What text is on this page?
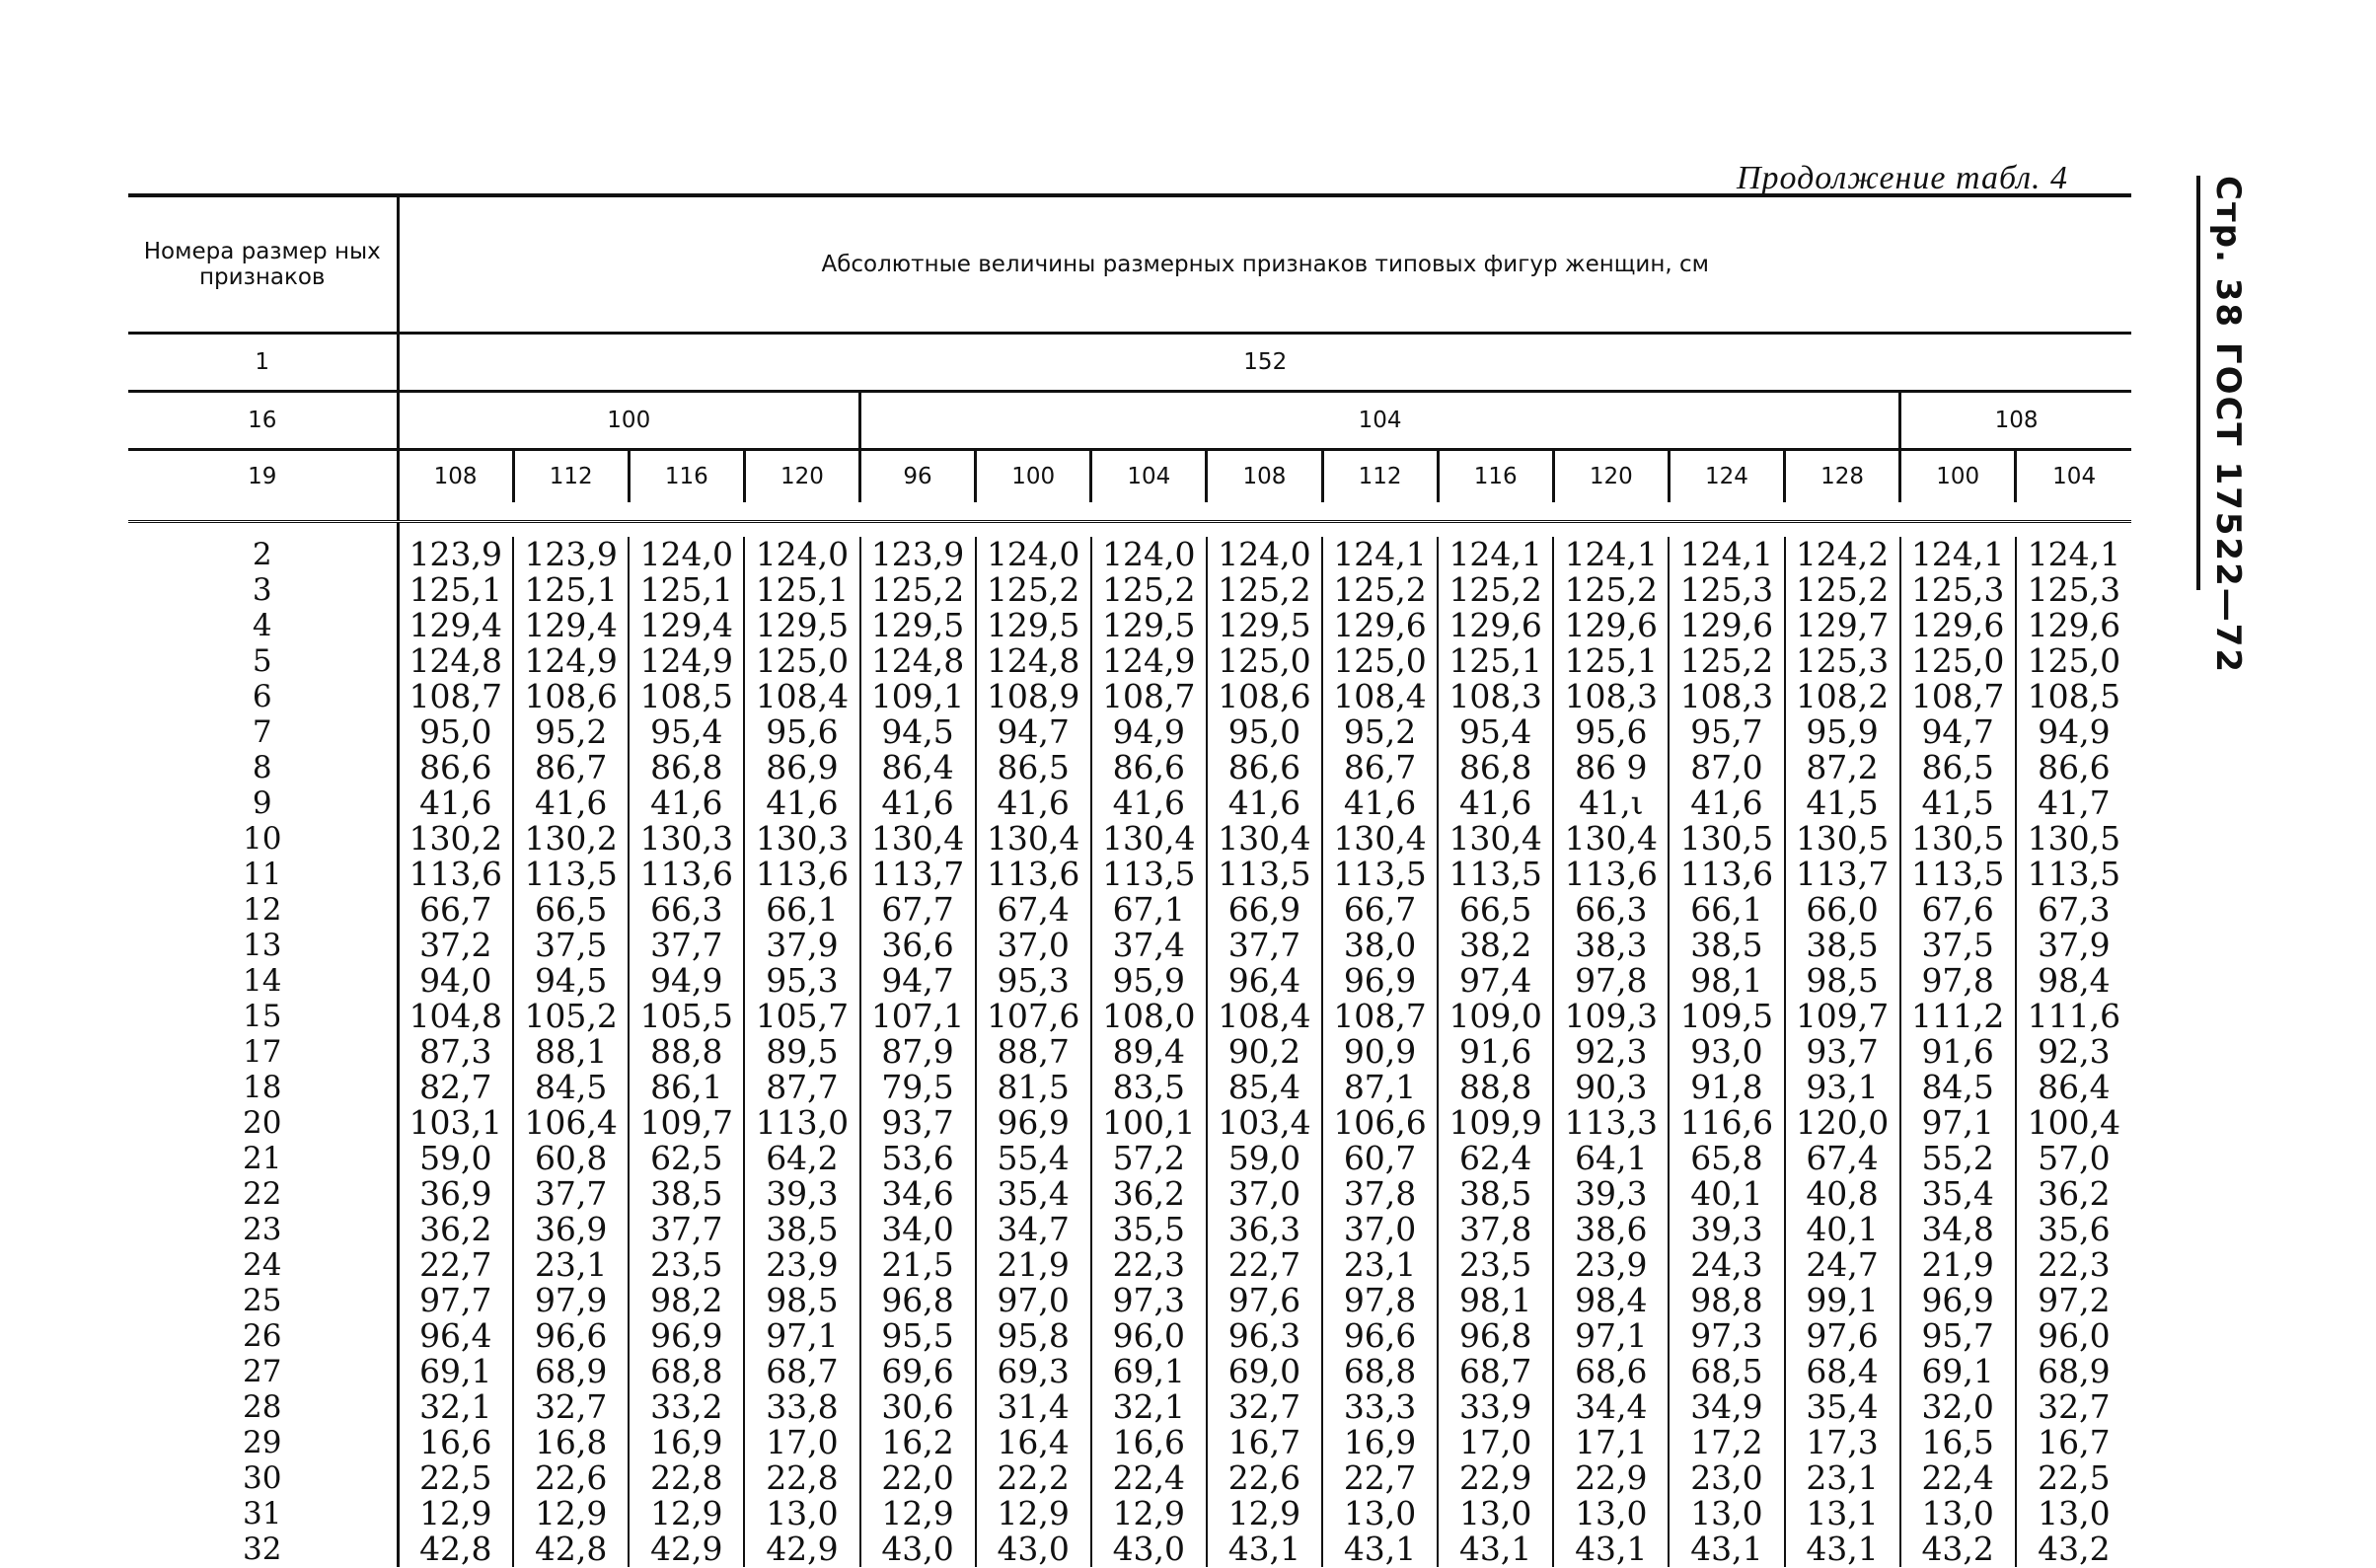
Продолжение табл. 4	Стр. 38 ГОСТ 17522—72
Номера размер ных признаков	Абсолютные величины размерных признаков типовых фигур женщин, см														
1	152														
16	100				104									108	
19	108	112	116	120	96	100	104	108	112	116	120	124	128	100	104

2	123,9	123,9	124,0	124,0	123,9	124,0	124,0	124,0	124,1	124,1	124,1	124,1	124,2	124,1	124,1
3	125,1	125,1	125,1	125,1	125,2	125,2	125,2	125,2	125,2	125,2	125,2	125,3	125,2	125,3	125,3
4	129,4	129,4	129,4	129,5	129,5	129,5	129,5	129,5	129,6	129,6	129,6	129,6	129,7	129,6	129,6
5	124,8	124,9	124,9	125,0	124,8	124,8	124,9	125,0	125,0	125,1	125,1	125,2	125,3	125,0	125,0
6	108,7	108,6	108,5	108,4	109,1	108,9	108,7	108,6	108,4	108,3	108,3	108,3	108,2	108,7	108,5
7	95,0	95,2	95,4	95,6	94,5	94,7	94,9	95,0	95,2	95,4	95,6	95,7	95,9	94,7	94,9
8	86,6	86,7	86,8	86,9	86,4	86,5	86,6	86,6	86,7	86,8	86 9	87,0	87,2	86,5	86,6
9	41,6	41,6	41,6	41,6	41,6	41,6	41,6	41,6	41,6	41,6	41,ι	41,6	41,5	41,5	41,7
10	130,2	130,2	130,3	130,3	130,4	130,4	130,4	130,4	130,4	130,4	130,4	130,5	130,5	130,5	130,5
11	113,6	113,5	113,6	113,6	113,7	113,6	113,5	113,5	113,5	113,5	113,6	113,6	113,7	113,5	113,5
12	66,7	66,5	66,3	66,1	67,7	67,4	67,1	66,9	66,7	66,5	66,3	66,1	66,0	67,6	67,3
13	37,2	37,5	37,7	37,9	36,6	37,0	37,4	37,7	38,0	38,2	38,3	38,5	38,5	37,5	37,9
14	94,0	94,5	94,9	95,3	94,7	95,3	95,9	96,4	96,9	97,4	97,8	98,1	98,5	97,8	98,4
15	104,8	105,2	105,5	105,7	107,1	107,6	108,0	108,4	108,7	109,0	109,3	109,5	109,7	111,2	111,6
17	87,3	88,1	88,8	89,5	87,9	88,7	89,4	90,2	90,9	91,6	92,3	93,0	93,7	91,6	92,3
18	82,7	84,5	86,1	87,7	79,5	81,5	83,5	85,4	87,1	88,8	90,3	91,8	93,1	84,5	86,4
20	103,1	106,4	109,7	113,0	93,7	96,9	100,1	103,4	106,6	109,9	113,3	116,6	120,0	97,1	100,4
21	59,0	60,8	62,5	64,2	53,6	55,4	57,2	59,0	60,7	62,4	64,1	65,8	67,4	55,2	57,0
22	36,9	37,7	38,5	39,3	34,6	35,4	36,2	37,0	37,8	38,5	39,3	40,1	40,8	35,4	36,2
23	36,2	36,9	37,7	38,5	34,0	34,7	35,5	36,3	37,0	37,8	38,6	39,3	40,1	34,8	35,6
24	22,7	23,1	23,5	23,9	21,5	21,9	22,3	22,7	23,1	23,5	23,9	24,3	24,7	21,9	22,3
25	97,7	97,9	98,2	98,5	96,8	97,0	97,3	97,6	97,8	98,1	98,4	98,8	99,1	96,9	97,2
26	96,4	96,6	96,9	97,1	95,5	95,8	96,0	96,3	96,6	96,8	97,1	97,3	97,6	95,7	96,0
27	69,1	68,9	68,8	68,7	69,6	69,3	69,1	69,0	68,8	68,7	68,6	68,5	68,4	69,1	68,9
28	32,1	32,7	33,2	33,8	30,6	31,4	32,1	32,7	33,3	33,9	34,4	34,9	35,4	32,0	32,7
29	16,6	16,8	16,9	17,0	16,2	16,4	16,6	16,7	16,9	17,0	17,1	17,2	17,3	16,5	16,7
30	22,5	22,6	22,8	22,8	22,0	22,2	22,4	22,6	22,7	22,9	22,9	23,0	23,1	22,4	22,5
31	12,9	12,9	12,9	13,0	12,9	12,9	12,9	12,9	13,0	13,0	13,0	13,0	13,1	13,0	13,0
32	42,8	42,8	42,9	42,9	43,0	43,0	43,0	43,1	43,1	43,1	43,1	43,1	43,1	43,2	43,2
